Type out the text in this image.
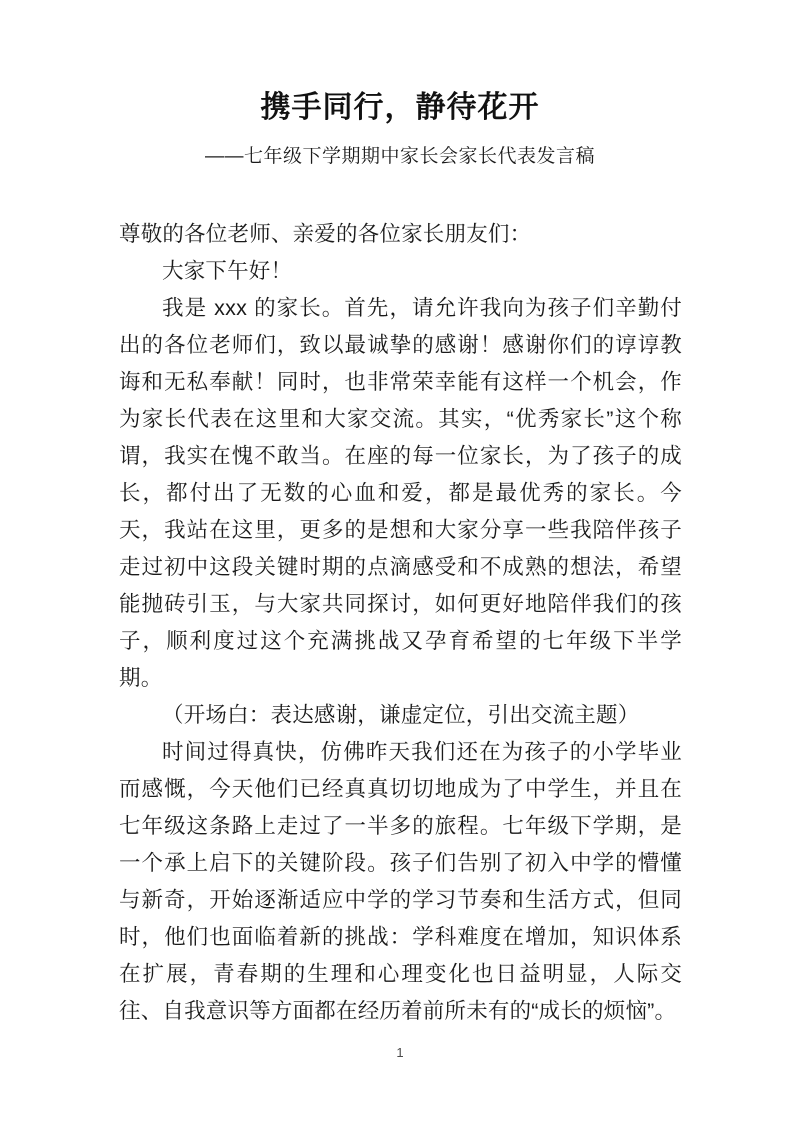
携手同行，静待花开
——七年级下学期期中家长会家长代表发言稿

尊敬的各位老师、亲爱的各位家长朋友们：

大家下午好！

我是 xxx 的家长。首先，请允许我向为孩子们辛勤付出的各位老师们，致以最诚挚的感谢！感谢你们的谆谆教诲和无私奉献！同时，也非常荣幸能有这样一个机会，作为家长代表在这里和大家交流。其实，“优秀家长”这个称谓，我实在愧不敢当。在座的每一位家长，为了孩子的成长，都付出了无数的心血和爱，都是最优秀的家长。今天，我站在这里，更多的是想和大家分享一些我陪伴孩子走过初中这段关键时期的点滴感受和不成熟的想法，希望能抛砖引玉，与大家共同探讨，如何更好地陪伴我们的孩子，顺利度过这个充满挑战又孕育希望的七年级下半学期。

（开场白：表达感谢，谦虚定位，引出交流主题）

时间过得真快，仿佛昨天我们还在为孩子的小学毕业而感慨，今天他们已经真真切切地成为了中学生，并且在七年级这条路上走过了一半多的旅程。七年级下学期，是一个承上启下的关键阶段。孩子们告别了初入中学的懵懂与新奇，开始逐渐适应中学的学习节奏和生活方式，但同时，他们也面临着新的挑战：学科难度在增加，知识体系在扩展，青春期的生理和心理变化也日益明显，人际交往、自我意识等方面都在经历着前所未有的“成长的烦恼”。

1
